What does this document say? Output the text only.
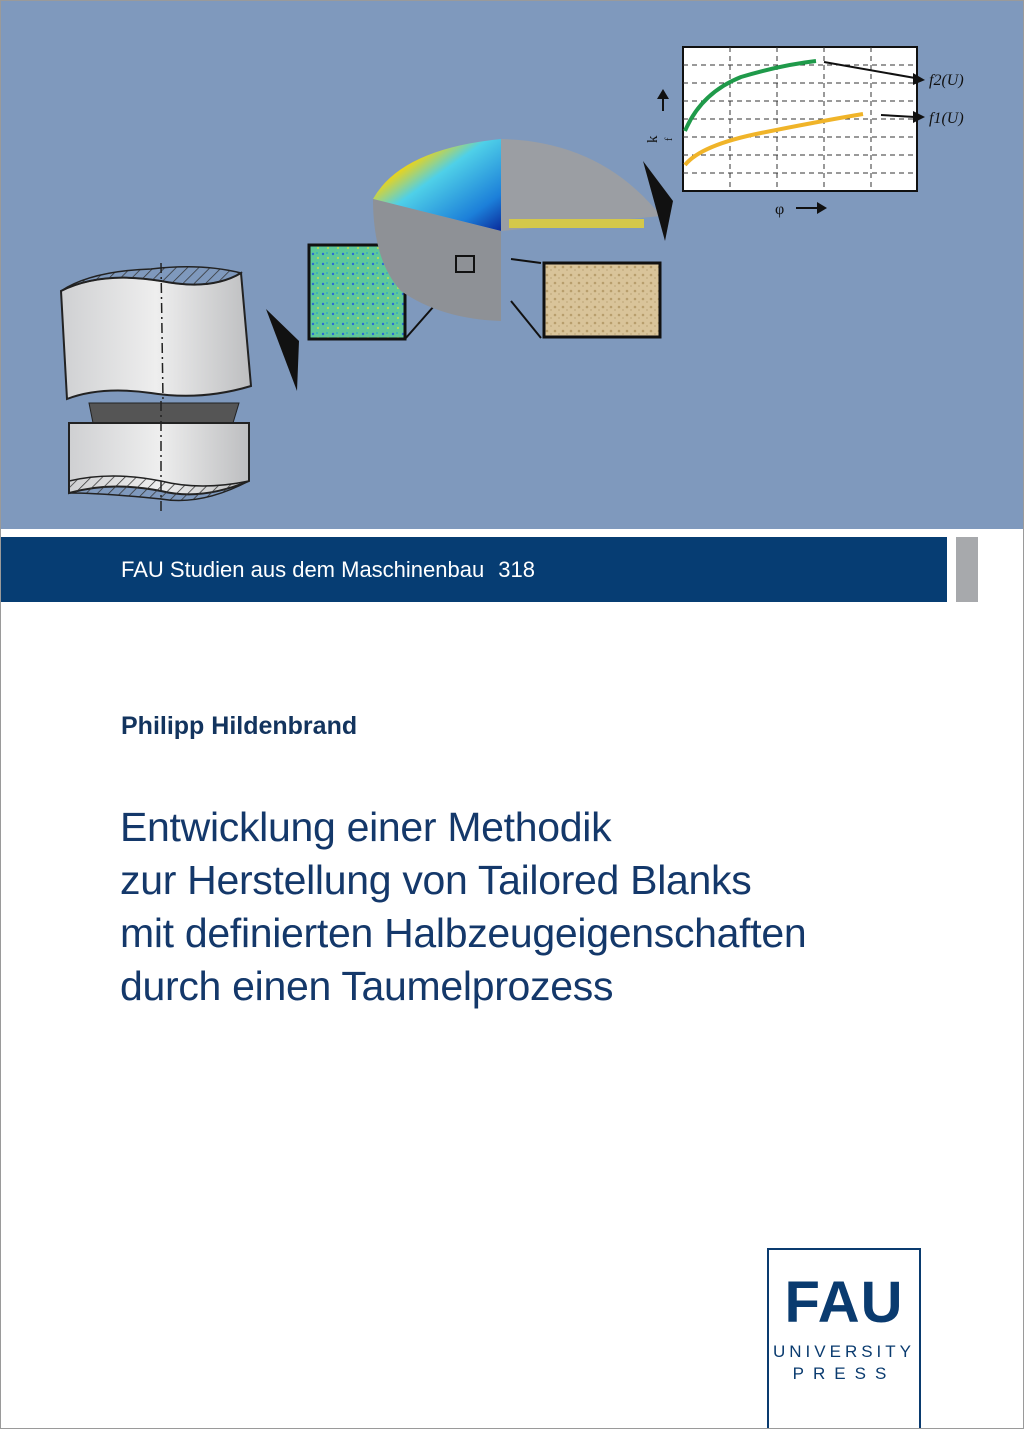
k f
φ
f2(U)
f1(U)
FAU Studien aus dem Maschinenbau 318
Philipp Hildenbrand
Entwicklung einer Methodik
zur Herstellung von Tailored Blanks
mit definierten Halbzeugeigenschaften
durch einen Taumelprozess
FAU
UNIVERSITY
PRESS
